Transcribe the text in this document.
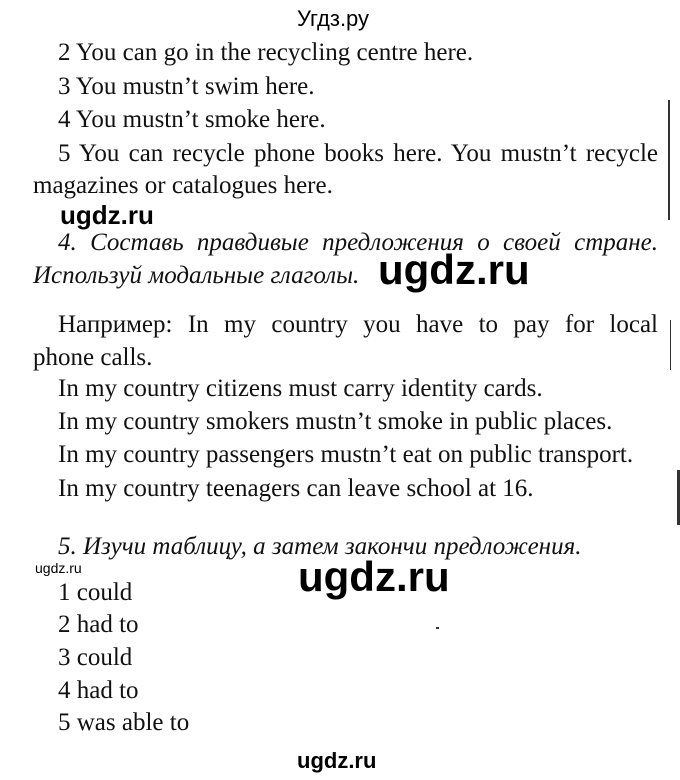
Угдз.ру
2 You can go in the recycling centre here.
3 You mustn’t swim here.
4 You mustn’t smoke here.
5 You can recycle phone books here. You mustn’t recycle
magazines or catalogues here.
ugdz.ru
4. Составь правдивые предложения о своей стране.
Используй модальные глаголы. ugdz.ru
Например: In my country you have to pay for local
phone calls.
In my country citizens must carry identity cards.
In my country smokers mustn’t smoke in public places.
In my country passengers mustn’t eat on public transport.
In my country teenagers can leave school at 16.
5. Изучи таблицу, а затем закончи предложения.
ugdz.ru	ugdz.ru
1 could
2 had to
3 could
4 had to
5 was able to
ugdz.ru
